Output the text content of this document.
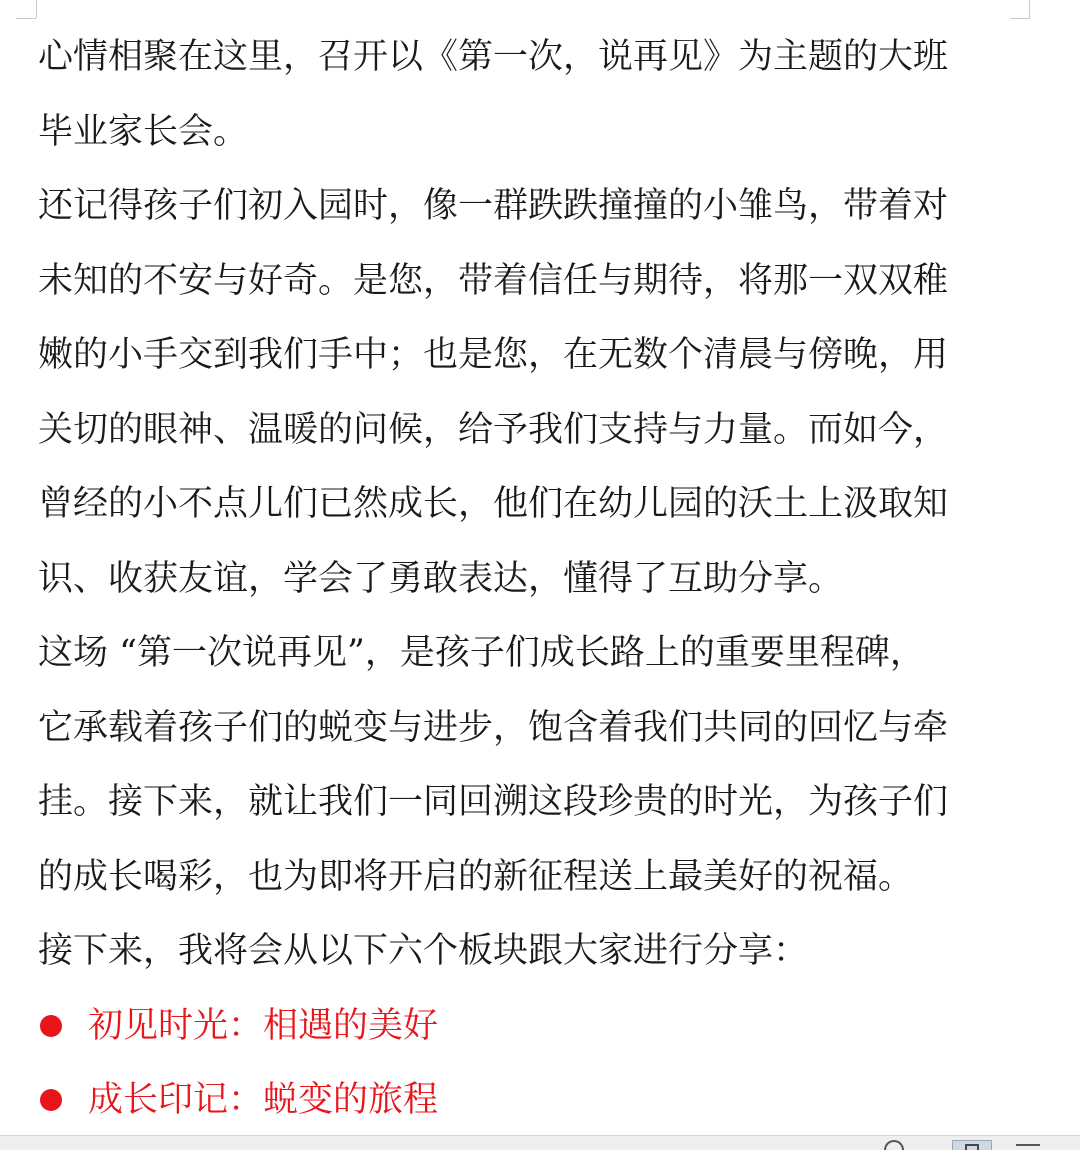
心情相聚在这里，召开以《第一次，说再见》为主题的大班
毕业家长会。
还记得孩子们初入园时，像一群跌跌撞撞的小雏鸟，带着对
未知的不安与好奇。是您，带着信任与期待，将那一双双稚
嫩的小手交到我们手中；也是您，在无数个清晨与傍晚，用
关切的眼神、温暖的问候，给予我们支持与力量。而如今，
曾经的小不点儿们已然成长，他们在幼儿园的沃土上汲取知
识、收获友谊，学会了勇敢表达，懂得了互助分享。
这场 “第一次说再见”，是孩子们成长路上的重要里程碑，
它承载着孩子们的蜕变与进步，饱含着我们共同的回忆与牵
挂。接下来，就让我们一同回溯这段珍贵的时光，为孩子们
的成长喝彩，也为即将开启的新征程送上最美好的祝福。
接下来，我将会从以下六个板块跟大家进行分享：
初见时光：相遇的美好
成长印记：蜕变的旅程
